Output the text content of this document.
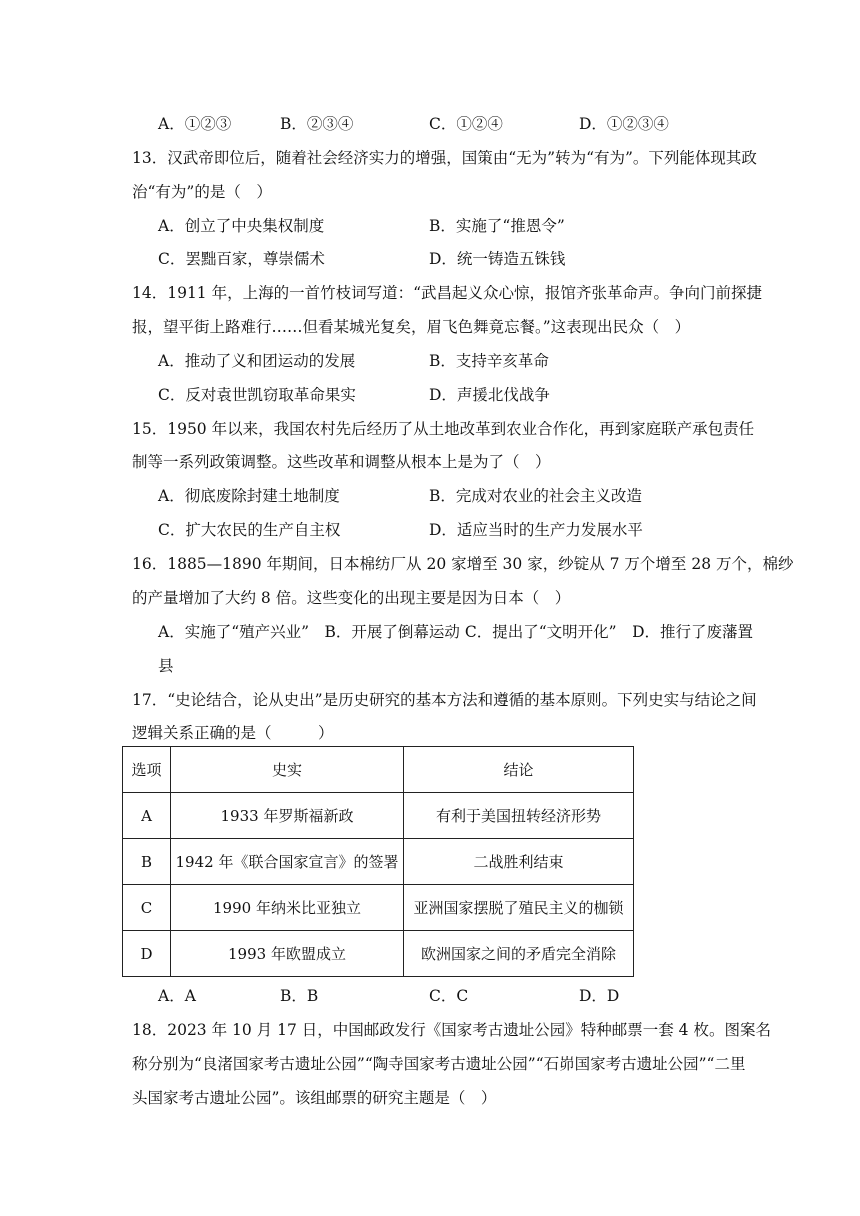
A．①②③	B．②③④	C．①②④	D．①②③④
13．汉武帝即位后，随着社会经济实力的增强，国策由“无为”转为“有为”。下列能体现其政
治“有为”的是（　）
A．创立了中央集权制度	B．实施了“推恩令”
C．罢黜百家，尊崇儒术	D．统一铸造五铢钱
14．1911 年，上海的一首竹枝词写道：“武昌起义众心惊，报馆齐张革命声。争向门前探捷
报，望平街上路难行……但看某城光复矣，眉飞色舞竟忘餐。”这表现出民众（　）
A．推动了义和团运动的发展	B．支持辛亥革命
C．反对袁世凯窃取革命果实	D．声援北伐战争
15．1950 年以来，我国农村先后经历了从土地改革到农业合作化，再到家庭联产承包责任
制等一系列政策调整。这些改革和调整从根本上是为了（　）
A．彻底废除封建土地制度	B．完成对农业的社会主义改造
C．扩大农民的生产自主权	D．适应当时的生产力发展水平
16．1885—1890 年期间，日本棉纺厂从 20 家增至 30 家，纱锭从 7 万个增至 28 万个，棉纱
的产量增加了大约 8 倍。这些变化的出现主要是因为日本（　）
A．实施了“殖产兴业”　B．开展了倒幕运动 C．提出了“文明开化”　D．推行了废藩置
县
17．“史论结合，论从史出”是历史研究的基本方法和遵循的基本原则。下列史实与结论之间
逻辑关系正确的是（　　　）
选项	史实	结论
A	1933 年罗斯福新政	有利于美国扭转经济形势
B	1942 年《联合国家宣言》的签署	二战胜利结束
C	1990 年纳米比亚独立	亚洲国家摆脱了殖民主义的枷锁
D	1993 年欧盟成立	欧洲国家之间的矛盾完全消除
A．A	B．B	C．C	D．D
18．2023 年 10 月 17 日，中国邮政发行《国家考古遗址公园》特种邮票一套 4 枚。图案名
称分别为“良渚国家考古遗址公园”“陶寺国家考古遗址公园”“石峁国家考古遗址公园”“二里
头国家考古遗址公园”。该组邮票的研究主题是（　）
